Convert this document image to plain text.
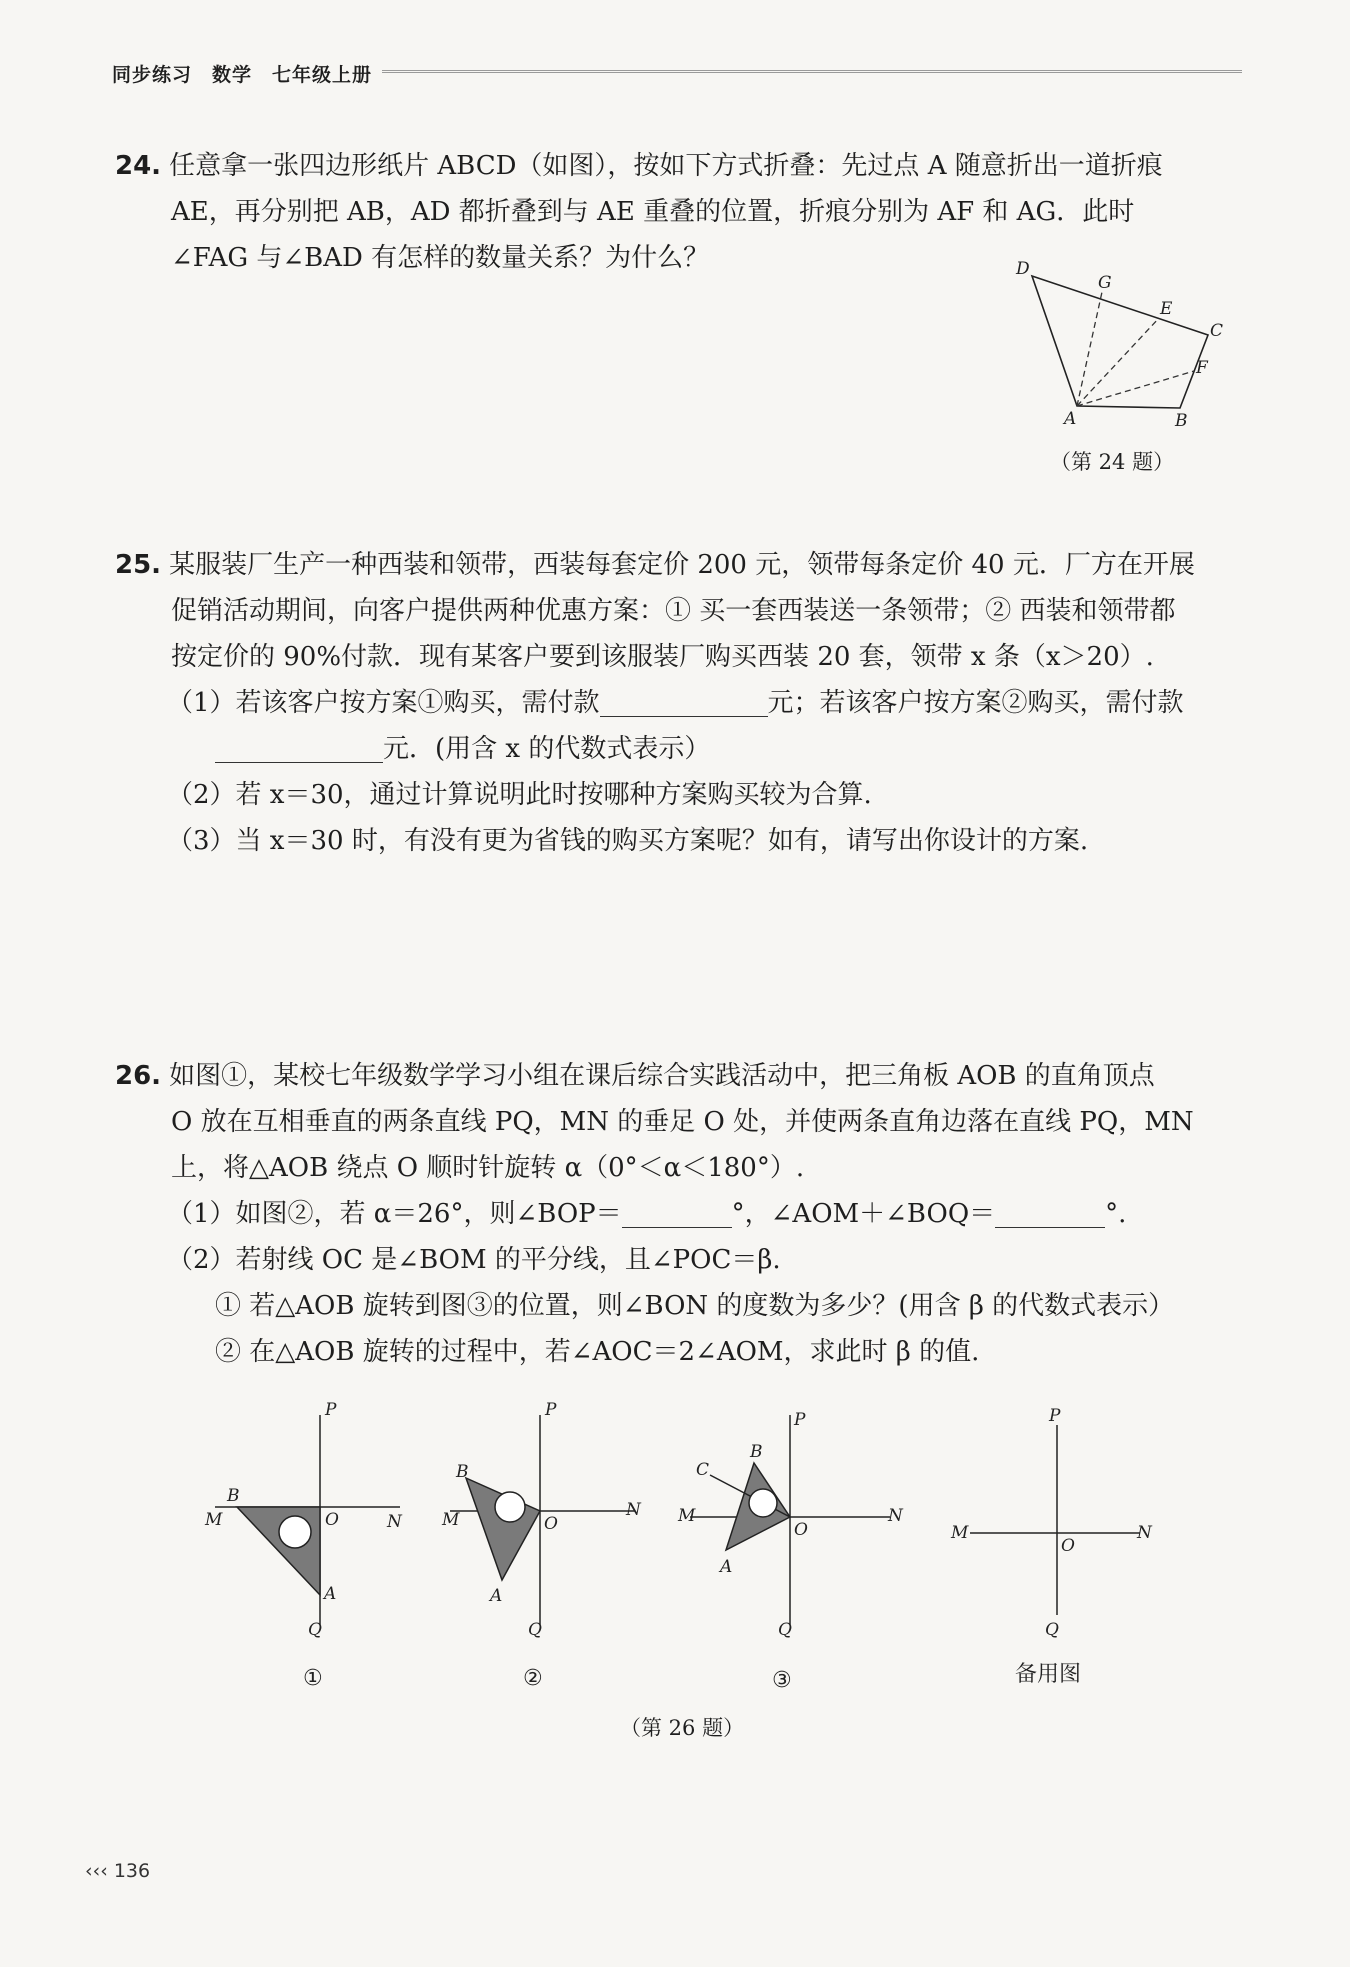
同步练习　数学　七年级上册
24. 任意拿一张四边形纸片 ABCD（如图），按如下方式折叠：先过点 A 随意折出一道折痕
AE，再分别把 AB，AD 都折叠到与 AE 重叠的位置，折痕分别为 AF 和 AG．此时
∠FAG 与∠BAD 有怎样的数量关系？为什么？	D
G
E
C
F
A	B
（第 24 题）
25. 某服装厂生产一种西装和领带，西装每套定价 200 元，领带每条定价 40 元．厂方在开展
促销活动期间，向客户提供两种优惠方案：① 买一套西装送一条领带；② 西装和领带都
按定价的 90%付款．现有某客户要到该服装厂购买西装 20 套，领带 x 条（x＞20）.
（1）若该客户按方案①购买，需付款	元；若该客户按方案②购买，需付款
元．(用含 x 的代数式表示）
（2）若 x＝30，通过计算说明此时按哪种方案购买较为合算.
（3）当 x＝30 时，有没有更为省钱的购买方案呢？如有，请写出你设计的方案.
26. 如图①，某校七年级数学学习小组在课后综合实践活动中，把三角板 AOB 的直角顶点
O 放在互相垂直的两条直线 PQ，MN 的垂足 O 处，并使两条直角边落在直线 PQ，MN
上，将△AOB 绕点 O 顺时针旋转 α（0°＜α＜180°）.
（1）如图②，若 α＝26°，则∠BOP＝	°，∠AOM＋∠BOQ＝	°.
（2）若射线 OC 是∠BOM 的平分线，且∠POC＝β.
① 若△AOB 旋转到图③的位置，则∠BON 的度数为多少？(用含 β 的代数式表示）
② 在△AOB 旋转的过程中，若∠AOC＝2∠AOM，求此时 β 的值.
P
B
M	O	N
A
Q
①
P
B
M	O
N
A
Q
②
P
B
C
M
O
N
A
Q
③
P
M
O
N
Q
备用图
（第 26 题）
‹‹‹ 136
